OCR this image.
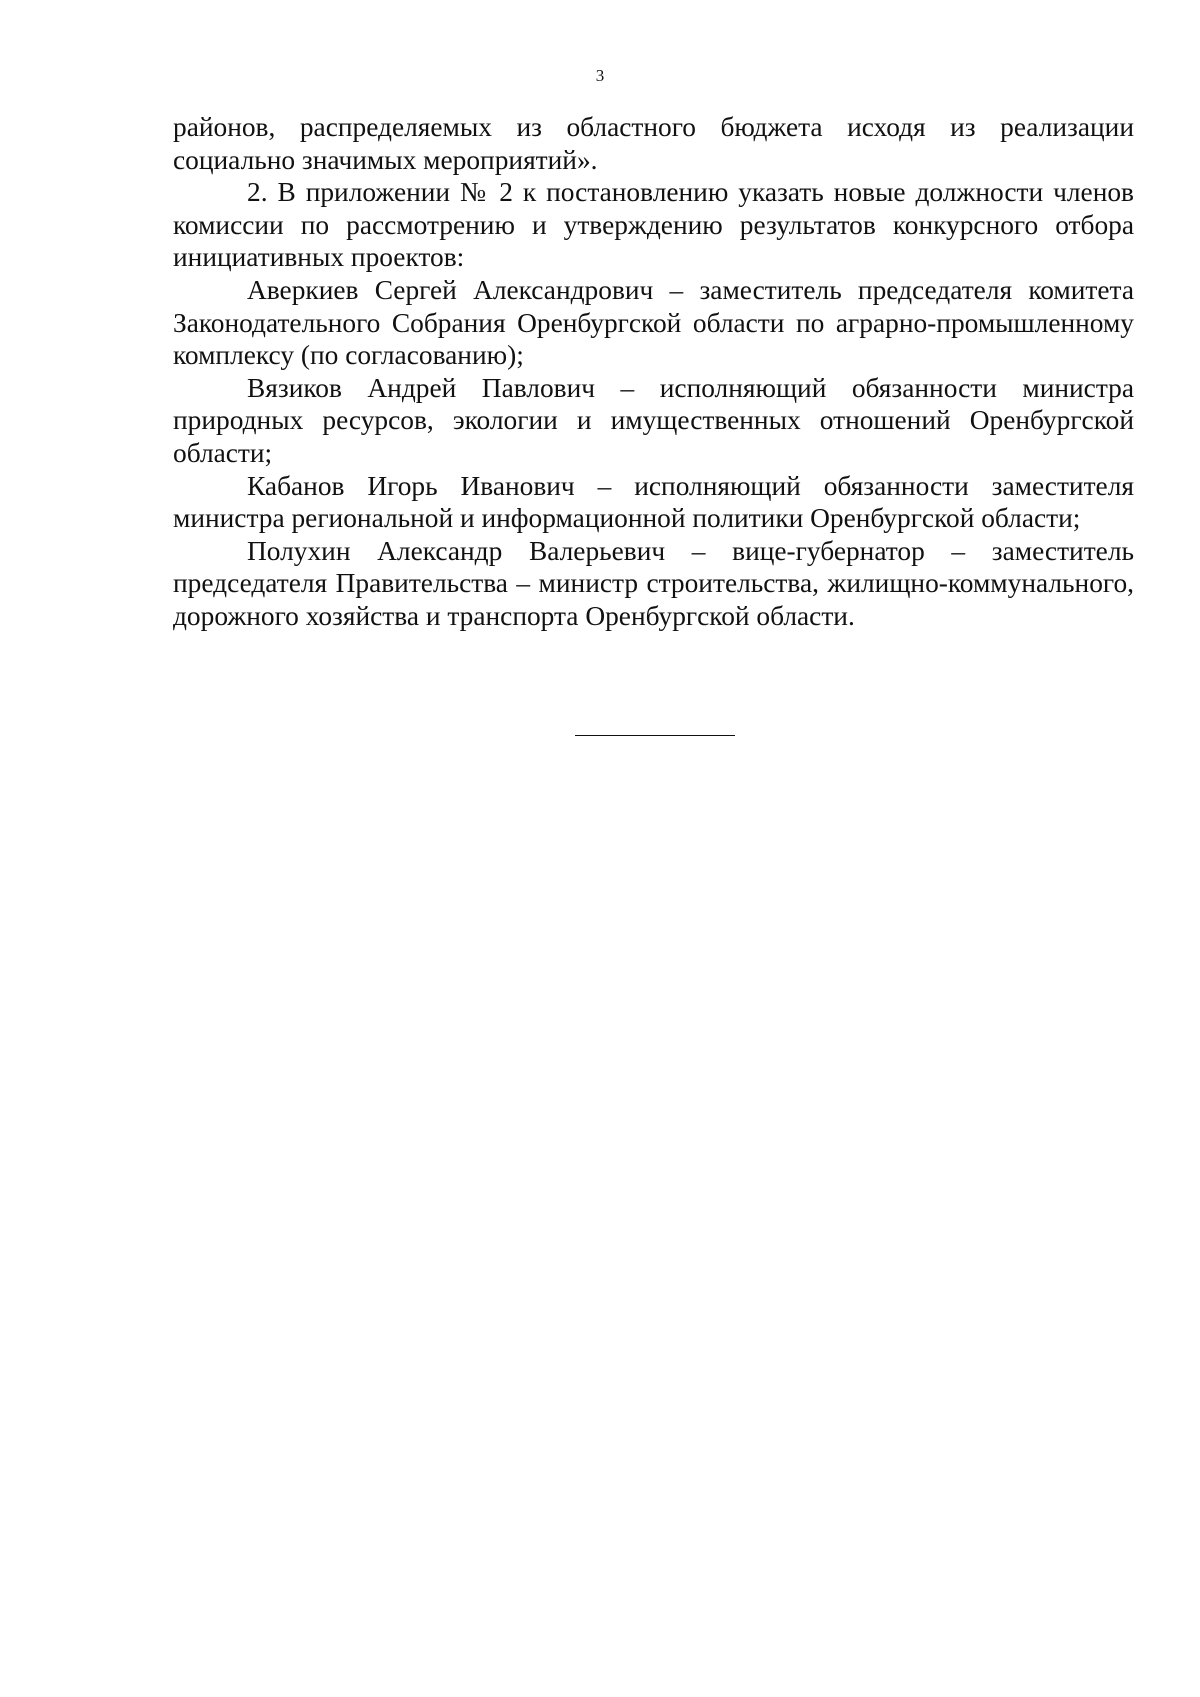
3

районов, распределяемых из областного бюджета исходя из реализации социально значимых мероприятий».

2. В приложении № 2 к постановлению указать новые должности членов комиссии по рассмотрению и утверждению результатов конкурсного отбора инициативных проектов:

Аверкиев Сергей Александрович – заместитель председателя комитета Законодательного Собрания Оренбургской области по аграрно-промышленному комплексу (по согласованию);

Вязиков Андрей Павлович – исполняющий обязанности министра природных ресурсов, экологии и имущественных отношений Оренбургской области;

Кабанов Игорь Иванович – исполняющий обязанности заместителя министра региональной и информационной политики Оренбургской области;

Полухин Александр Валерьевич – вице-губернатор – заместитель председателя Правительства – министр строительства, жилищно-коммунального, дорожного хозяйства и транспорта Оренбургской области.
